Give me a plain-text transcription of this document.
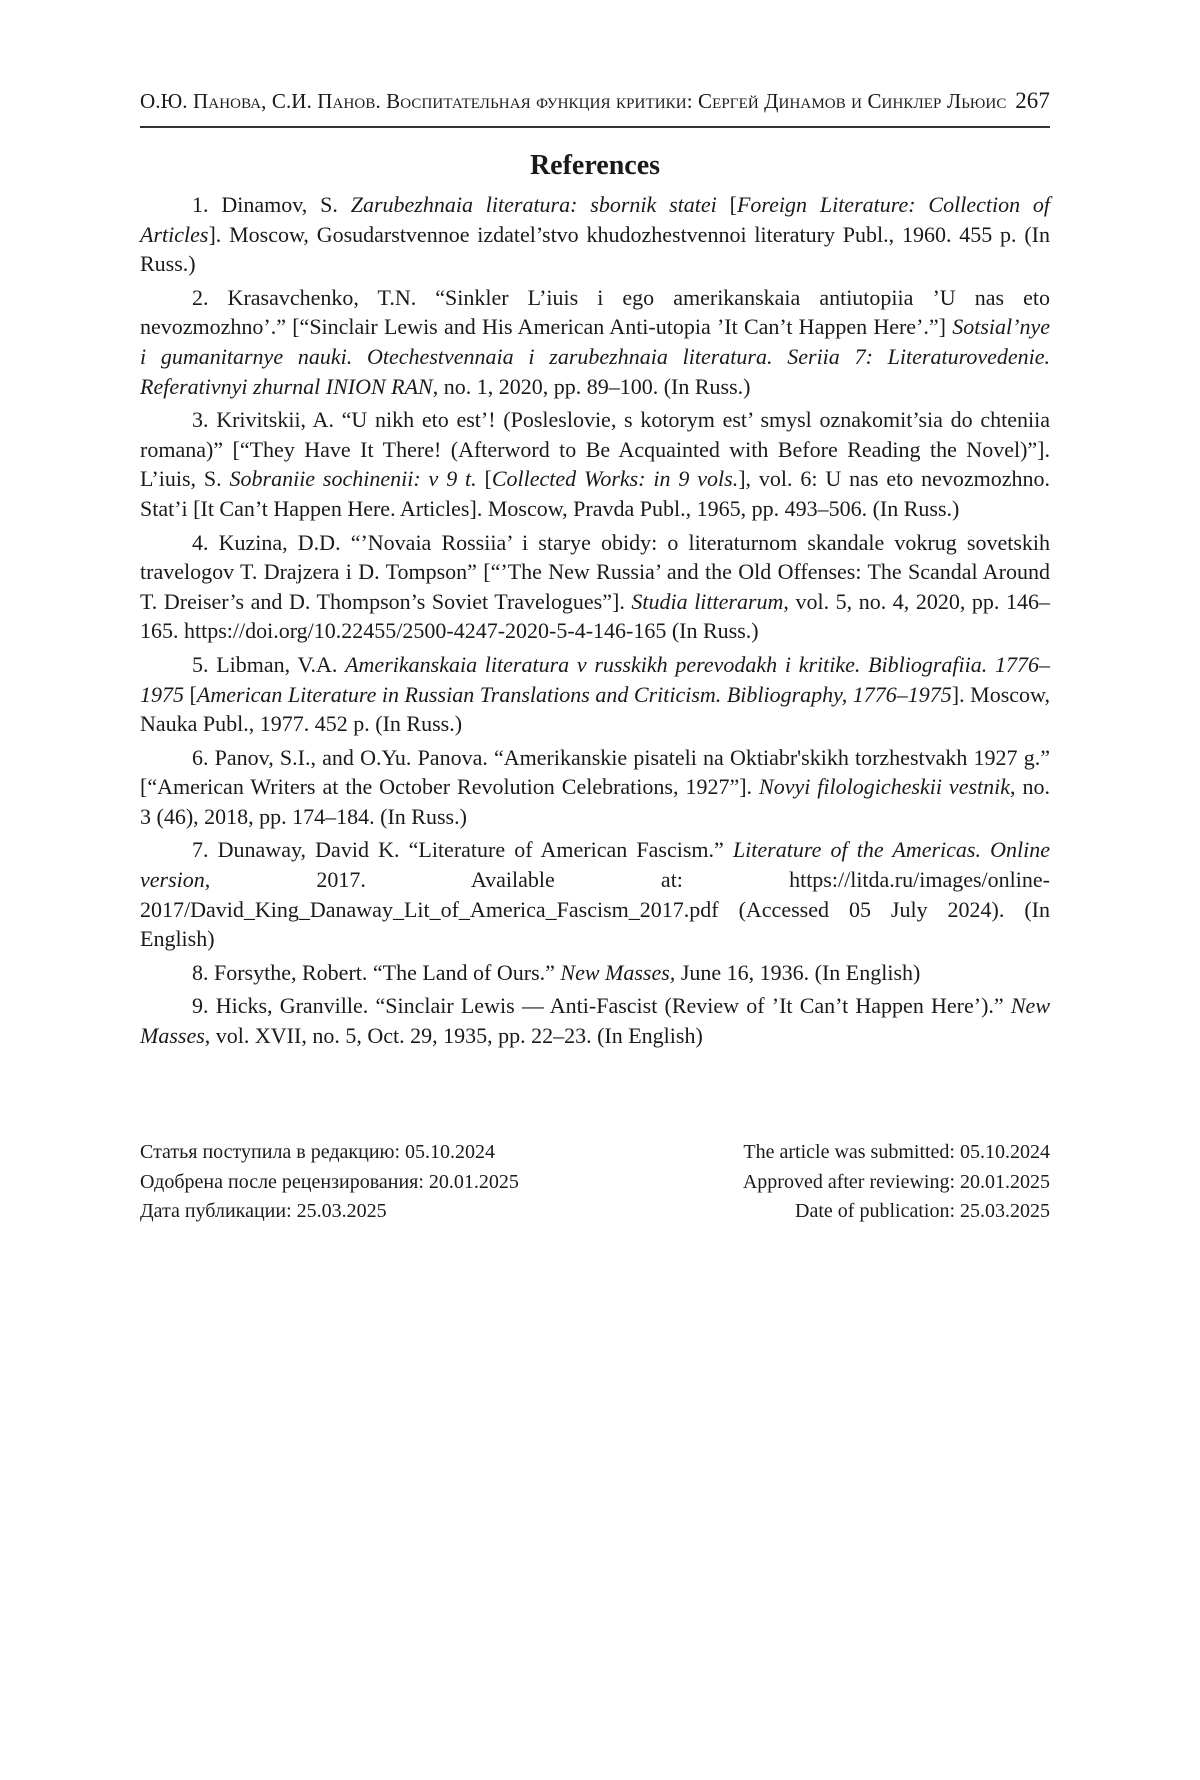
О.Ю. Панова, С.И. Панов. Воспитательная функция критики: Сергей Динамов и Синклер Льюис 267
References

1. Dinamov, S. Zarubezhnaia literatura: sbornik statei [Foreign Literature: Collection of Articles]. Moscow, Gosudarstvennoe izdatel’stvo khudozhestvennoi literatury Publ., 1960. 455 p. (In Russ.)

2. Krasavchenko, T.N. “Sinkler L’iuis i ego amerikanskaia antiutopiia ’U nas eto nevozmozhno’.” [“Sinclair Lewis and His American Anti-utopia ’It Can’t Happen Here’.”] Sotsial’nye i gumanitarnye nauki. Otechestvennaia i zarubezhnaia literatura. Seriia 7: Literaturovedenie. Referativnyi zhurnal INION RAN, no. 1, 2020, pp. 89–100. (In Russ.)

3. Krivitskii, A. “U nikh eto est’! (Posleslovie, s kotorym est’ smysl oznakomit’sia do chteniia romana)” [“They Have It There! (Afterword to Be Acquainted with Before Reading the Novel)”]. L’iuis, S. Sobraniie sochinenii: v 9 t. [Collected Works: in 9 vols.], vol. 6: U nas eto nevozmozhno. Stat’i [It Can’t Happen Here. Articles]. Moscow, Pravda Publ., 1965, pp. 493–506. (In Russ.)

4. Kuzina, D.D. “’Novaia Rossiia’ i starye obidy: o literaturnom skandale vokrug sovetskih travelogov T. Drajzera i D. Tompson” [“’The New Russia’ and the Old Offenses: The Scandal Around T. Dreiser’s and D. Thompson’s Soviet Travelogues”]. Studia litterarum, vol. 5, no. 4, 2020, pp. 146–165. https://doi.org/10.22455/2500-4247-2020-5-4-146-165 (In Russ.)

5. Libman, V.A. Amerikanskaia literatura v russkikh perevodakh i kritike. Bibliografiia. 1776–1975 [American Literature in Russian Translations and Criticism. Bibliography, 1776–1975]. Moscow, Nauka Publ., 1977. 452 p. (In Russ.)

6. Panov, S.I., and O.Yu. Panova. “Amerikanskie pisateli na Oktiabr'skikh torzhestvakh 1927 g.” [“American Writers at the October Revolution Celebrations, 1927”]. Novyi filologicheskii vestnik, no. 3 (46), 2018, pp. 174–184. (In Russ.)

7. Dunaway, David K. “Literature of American Fascism.” Literature of the Americas. Online version, 2017. Available at: https://litda.ru/images/online-2017/David_King_Danaway_Lit_of_America_Fascism_2017.pdf (Accessed 05 July 2024). (In English)

8. Forsythe, Robert. “The Land of Ours.” New Masses, June 16, 1936. (In English)

9. Hicks, Granville. “Sinclair Lewis — Anti-Fascist (Review of ’It Can’t Happen Here’).” New Masses, vol. XVII, no. 5, Oct. 29, 1935, pp. 22–23. (In English)

Статья поступила в редакцию: 05.10.2024
Одобрена после рецензирования: 20.01.2025
Дата публикации: 25.03.2025
The article was submitted: 05.10.2024
Approved after reviewing: 20.01.2025
Date of publication: 25.03.2025
